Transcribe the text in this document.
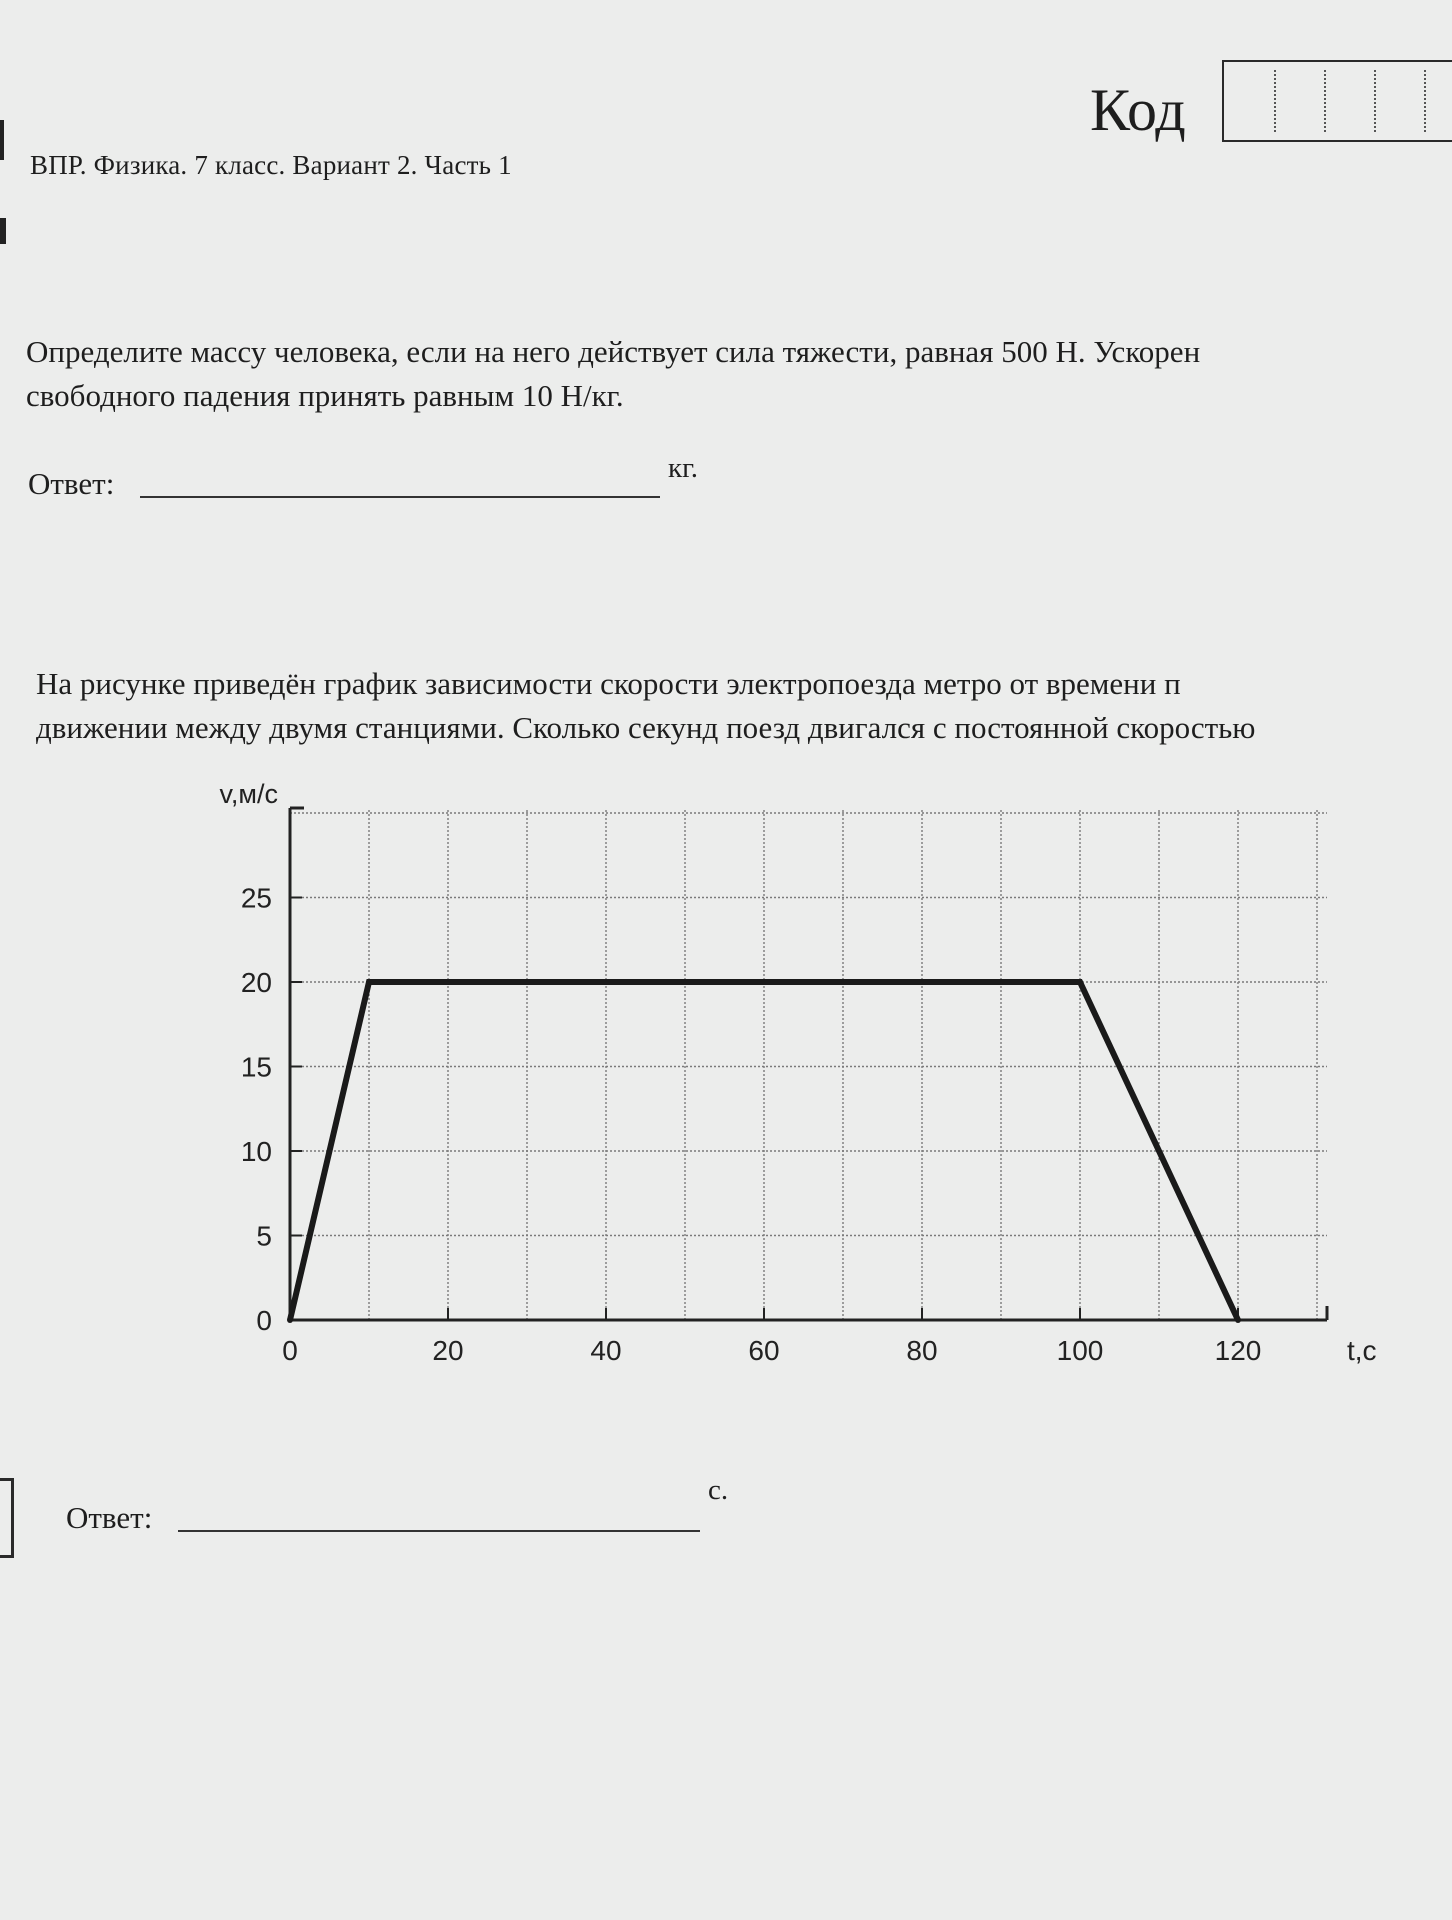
ВПР. Физика. 7 класс. Вариант 2. Часть 1
Код
Определите массу человека, если на него действует сила тяжести, равная 500 Н. Ускорен
свободного падения принять равным 10 Н/кг.
Ответ:	кг.
На рисунке приведён график зависимости скорости электропоезда метро от времени п
движении между двумя станциями. Сколько секунд поезд двигался с постоянной скоростью
0
5
10
15
20
25
0	20	40	60	80	100	120
v,м/с
t,с
Ответ:
с.
